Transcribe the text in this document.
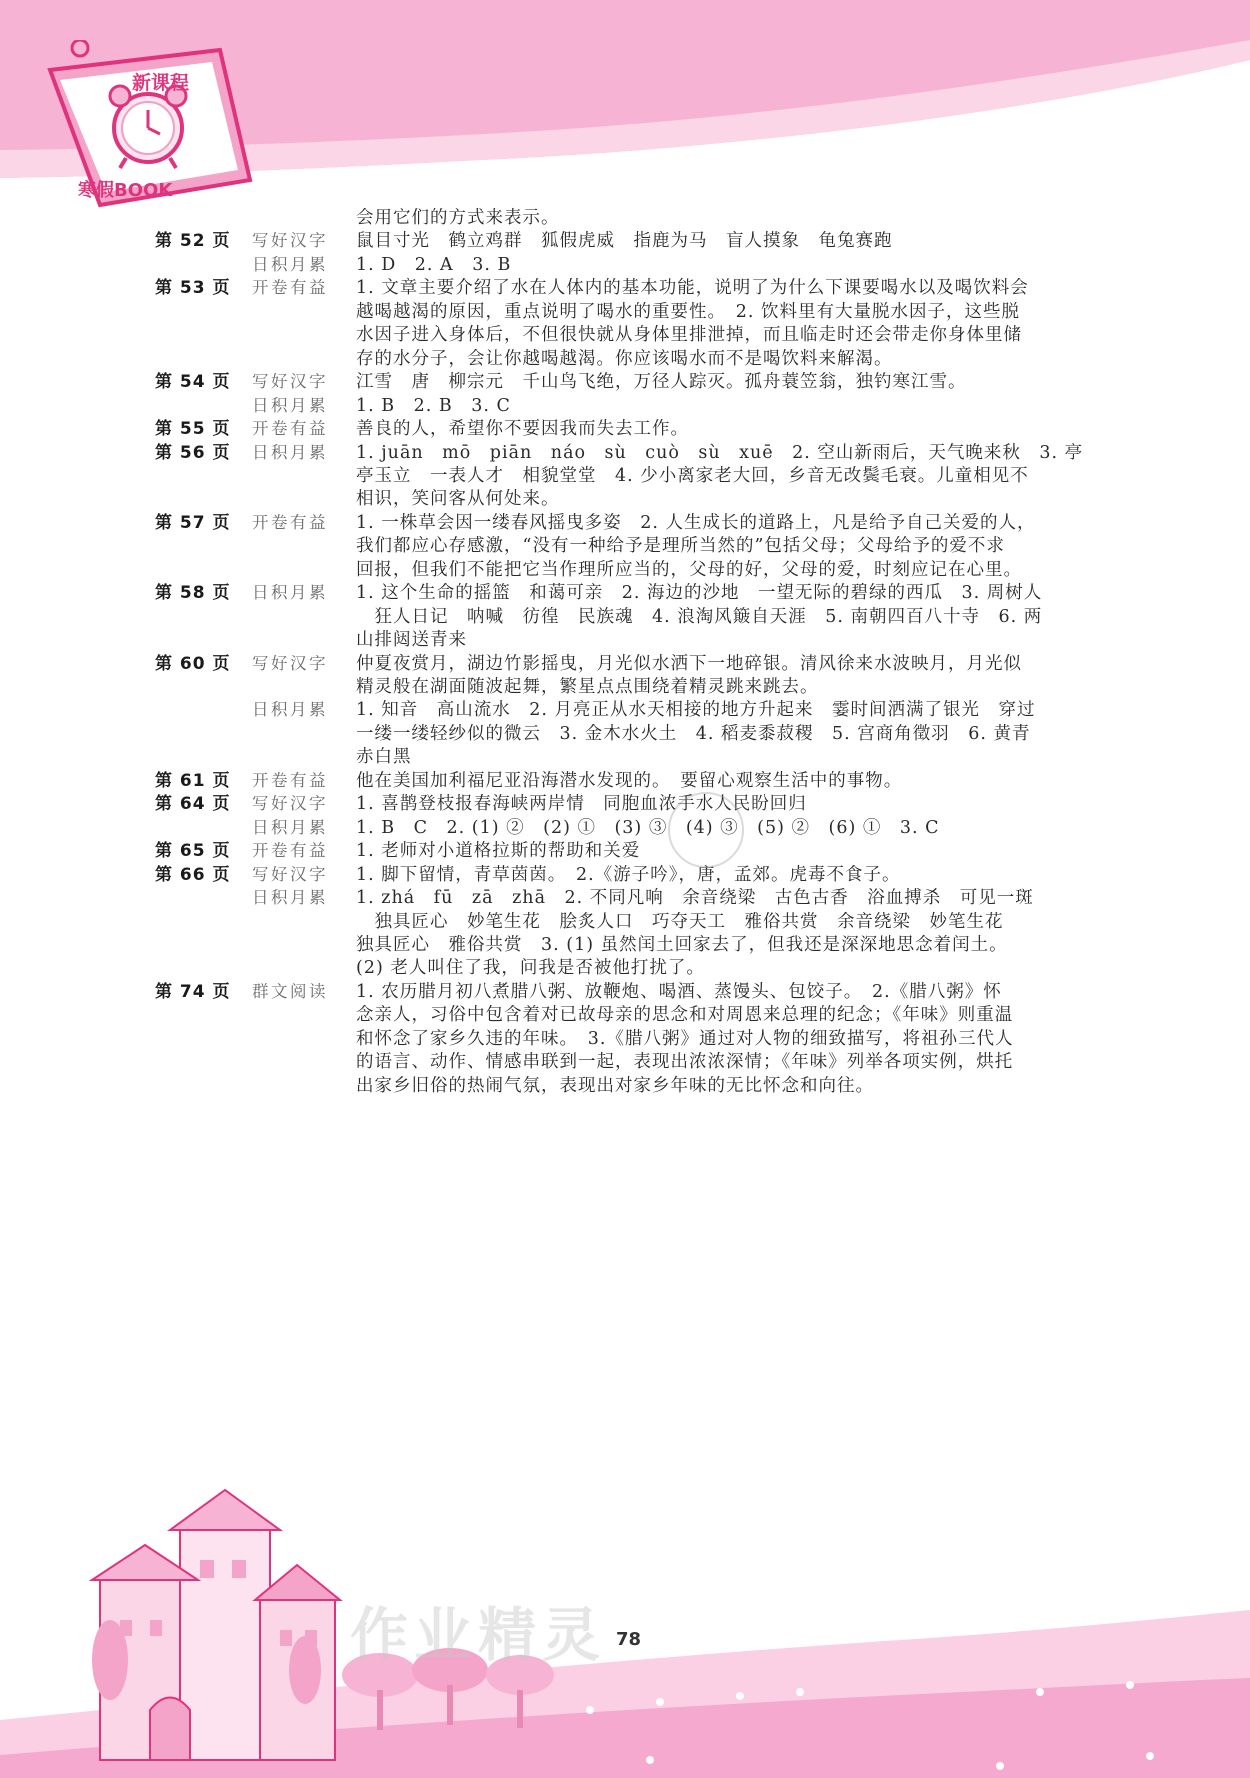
新课程
寒假BOOK
会用它们的方式来表示。
第 52 页 写好汉字 鼠目寸光　鹤立鸡群　狐假虎威　指鹿为马　盲人摸象　龟兔赛跑
日积月累 1. D　2. A　3. B
第 53 页 开卷有益 1. 文章主要介绍了水在人体内的基本功能，说明了为什么下课要喝水以及喝饮料会
越喝越渴的原因，重点说明了喝水的重要性。　2. 饮料里有大量脱水因子，这些脱
水因子进入身体后，不但很快就从身体里排泄掉，而且临走时还会带走你身体里储
存的水分子，会让你越喝越渴。你应该喝水而不是喝饮料来解渴。
第 54 页 写好汉字 江雪　唐　柳宗元　千山鸟飞绝，万径人踪灭。孤舟蓑笠翁，独钓寒江雪。
日积月累 1. B　2. B　3. C
第 55 页 开卷有益 善良的人，希望你不要因我而失去工作。
第 56 页 日积月累 1. juān　mō　piān　náo　sù　cuò　sù　xuē　2. 空山新雨后，天气晚来秋　3. 亭
亭玉立　一表人才　相貌堂堂　4. 少小离家老大回，乡音无改鬓毛衰。儿童相见不
相识，笑问客从何处来。
第 57 页 开卷有益 1. 一株草会因一缕春风摇曳多姿　2. 人生成长的道路上，凡是给予自己关爱的人，
我们都应心存感激，“没有一种给予是理所当然的”包括父母；父母给予的爱不求
回报，但我们不能把它当作理所应当的，父母的好，父母的爱，时刻应记在心里。
第 58 页 日积月累 1. 这个生命的摇篮　和蔼可亲　2. 海边的沙地　一望无际的碧绿的西瓜　3. 周树人
　狂人日记　呐喊　彷徨　民族魂　4. 浪淘风簸自天涯　5. 南朝四百八十寺　6. 两
山排闼送青来
第 60 页 写好汉字 仲夏夜赏月，湖边竹影摇曳，月光似水洒下一地碎银。清风徐来水波映月，月光似
精灵般在湖面随波起舞，繁星点点围绕着精灵跳来跳去。
日积月累 1. 知音　高山流水　2. 月亮正从水天相接的地方升起来　霎时间洒满了银光　穿过
一缕一缕轻纱似的微云　3. 金木水火土　4. 稻麦黍菽稷　5. 宫商角徵羽　6. 黄青
赤白黑
第 61 页 开卷有益 他在美国加利福尼亚沿海潜水发现的。　要留心观察生活中的事物。
第 64 页 写好汉字 1. 喜鹊登枝报春海峡两岸情　同胞血浓手水人民盼回归
日积月累 1. B　C　2. (1) ②　(2) ①　(3) ③　(4) ③　(5) ②　(6) ①　3. C
第 65 页 开卷有益 1. 老师对小道格拉斯的帮助和关爱
第 66 页 写好汉字 1. 脚下留情，青草茵茵。　2.《游子吟》，唐，孟郊。虎毒不食子。
日积月累 1. zhá　fū　zā　zhā　2. 不同凡响　余音绕梁　古色古香　浴血搏杀　可见一斑
　独具匠心　妙笔生花　脍炙人口　巧夺天工　雅俗共赏　余音绕梁　妙笔生花
独具匠心　雅俗共赏　3. (1) 虽然闰土回家去了，但我还是深深地思念着闰土。
(2) 老人叫住了我，问我是否被他打扰了。
第 74 页 群文阅读 1. 农历腊月初八煮腊八粥、放鞭炮、喝酒、蒸馒头、包饺子。　2.《腊八粥》怀
念亲人，习俗中包含着对已故母亲的思念和对周恩来总理的纪念；《年味》则重温
和怀念了家乡久违的年味。　3.《腊八粥》通过对人物的细致描写，将祖孙三代人
的语言、动作、情感串联到一起，表现出浓浓深情；《年味》列举各项实例，烘托
出家乡旧俗的热闹气氛，表现出对家乡年味的无比怀念和向往。
作业精灵 78
